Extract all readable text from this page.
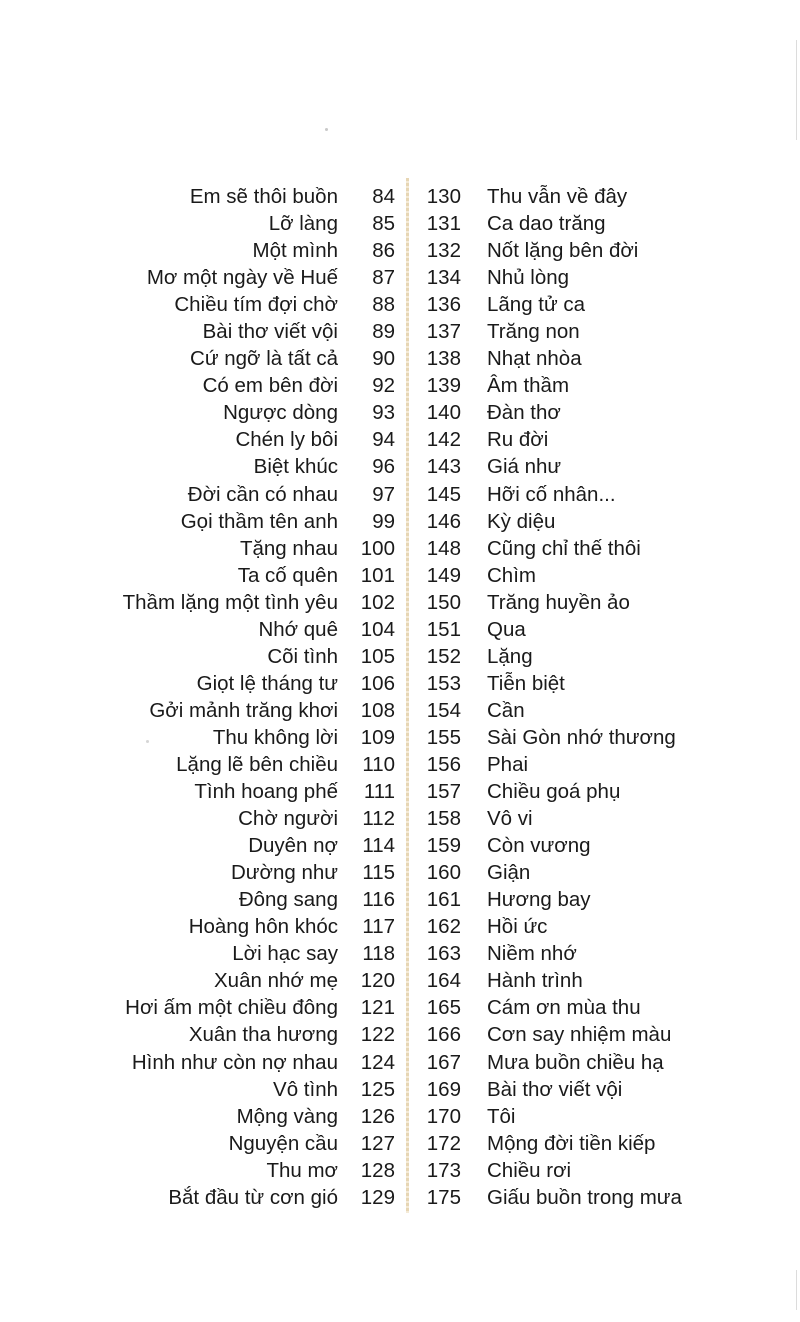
Em sẽ thôi buồn 84 130 Thu vẫn về đây
Lỡ làng 85 131 Ca dao trăng
Một mình 86 132 Nốt lặng bên đời
Mơ một ngày về Huế 87 134 Nhủ lòng
Chiều tím đợi chờ 88 136 Lãng tử ca
Bài thơ viết vội 89 137 Trăng non
Cứ ngỡ là tất cả 90 138 Nhạt nhòa
Có em bên đời 92 139 Âm thầm
Ngược dòng 93 140 Đàn thơ
Chén ly bôi 94 142 Ru đời
Biệt khúc 96 143 Giá như
Đời cần có nhau 97 145 Hỡi cố nhân...
Gọi thầm tên anh 99 146 Kỳ diệu
Tặng nhau 100 148 Cũng chỉ thế thôi
Ta cố quên 101 149 Chìm
Thầm lặng một tình yêu 102 150 Trăng huyền ảo
Nhớ quê 104 151 Qua
Cõi tình 105 152 Lặng
Giọt lệ tháng tư 106 153 Tiễn biệt
Gởi mảnh trăng khơi 108 154 Cần
Thu không lời 109 155 Sài Gòn nhớ thương
Lặng lẽ bên chiều 110 156 Phai
Tình hoang phế 111 157 Chiều goá phụ
Chờ người 112 158 Vô vi
Duyên nợ 114 159 Còn vương
Dường như 115 160 Giận
Đông sang 116 161 Hương bay
Hoàng hôn khóc 117 162 Hồi ức
Lời hạc say 118 163 Niềm nhớ
Xuân nhớ mẹ 120 164 Hành trình
Hơi ấm một chiều đông 121 165 Cám ơn mùa thu
Xuân tha hương 122 166 Cơn say nhiệm màu
Hình như còn nợ nhau 124 167 Mưa buồn chiều hạ
Vô tình 125 169 Bài thơ viết vội
Mộng vàng 126 170 Tôi
Nguyện cầu 127 172 Mộng đời tiền kiếp
Thu mơ 128 173 Chiều rơi
Bắt đầu từ cơn gió 129 175 Giấu buồn trong mưa
